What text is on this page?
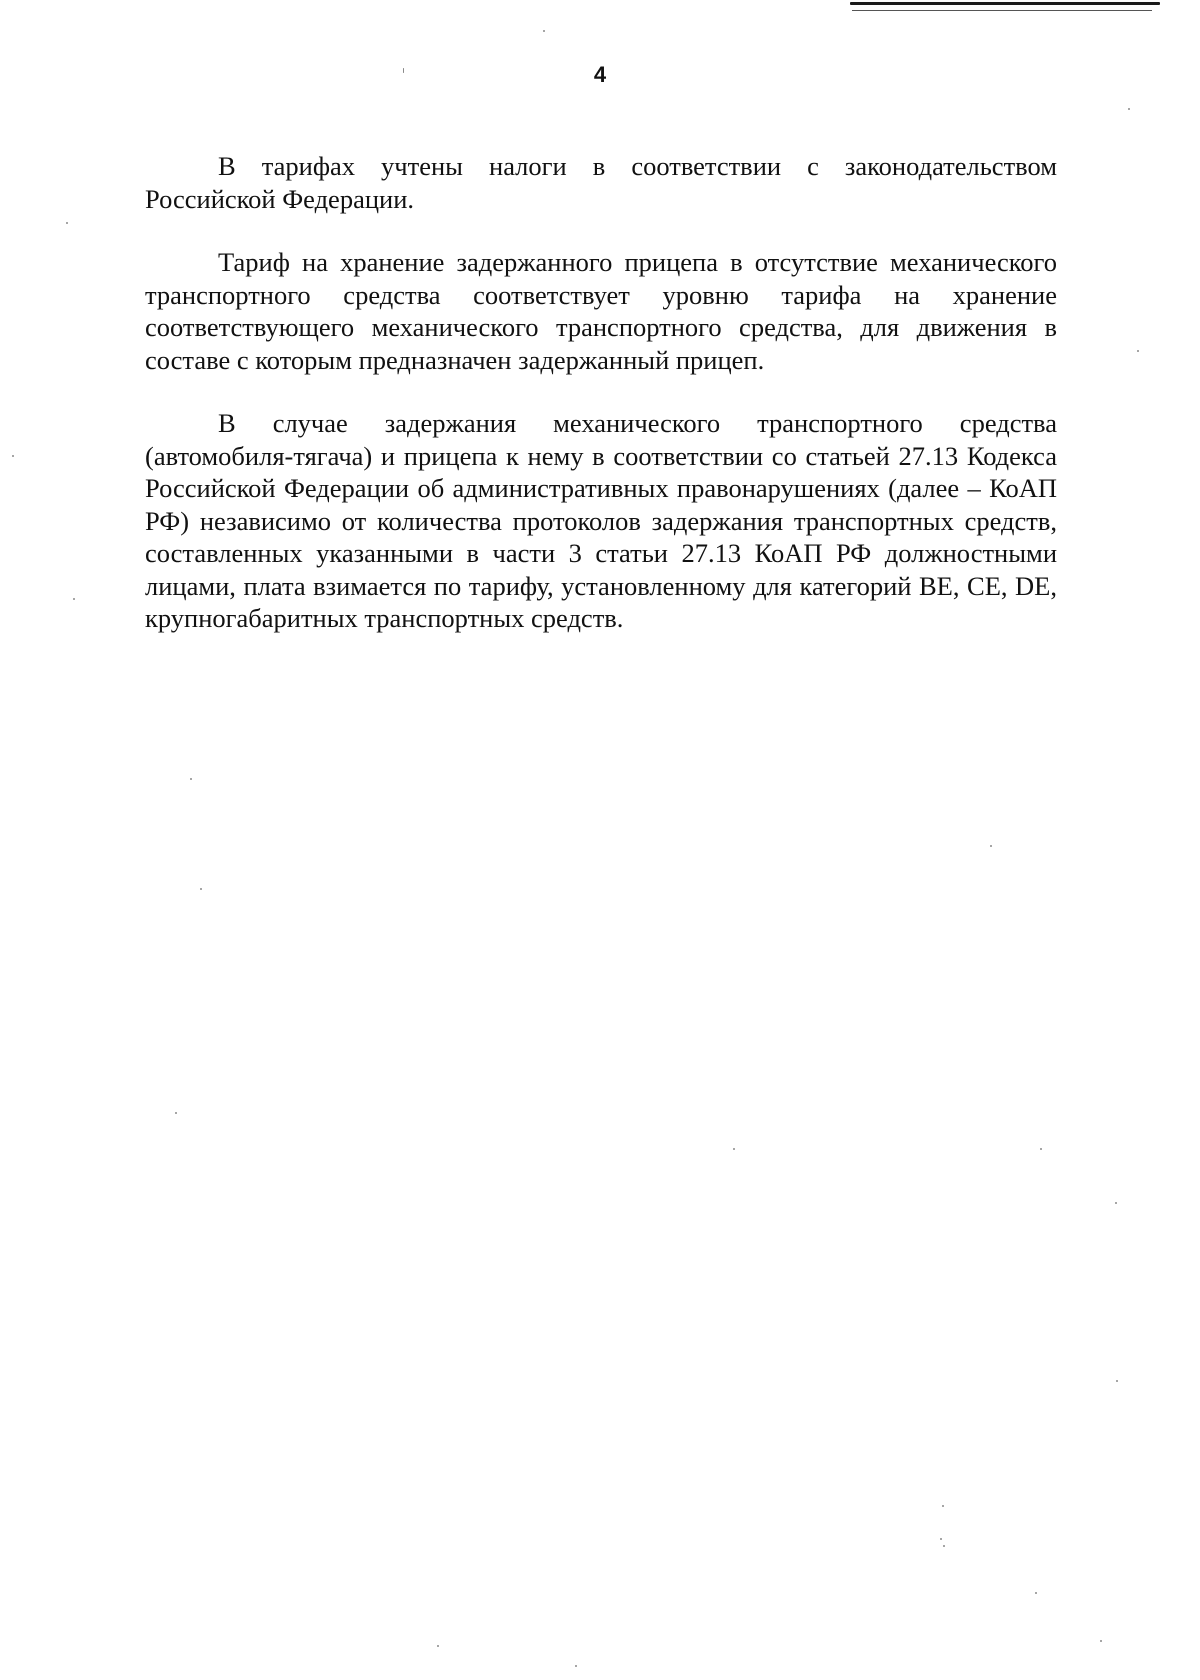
4

В тарифах учтены налоги в соответствии с законодательством Российской Федерации.

Тариф на хранение задержанного прицепа в отсутствие механического транспортного средства соответствует уровню тарифа на хранение соответствующего механического транспортного средства, для движения в составе с которым предназначен задержанный прицеп.

В случае задержания механического транспортного средства (автомобиля-тягача) и прицепа к нему в соответствии со статьей 27.13 Кодекса Российской Федерации об административных правонарушениях (далее – КоАП РФ) независимо от количества протоколов задержания транспортных средств, составленных указанными в части 3 статьи 27.13 КоАП РФ должностными лицами, плата взимается по тарифу, установленному для категорий ВЕ, СЕ, DЕ, крупногабаритных транспортных средств.
